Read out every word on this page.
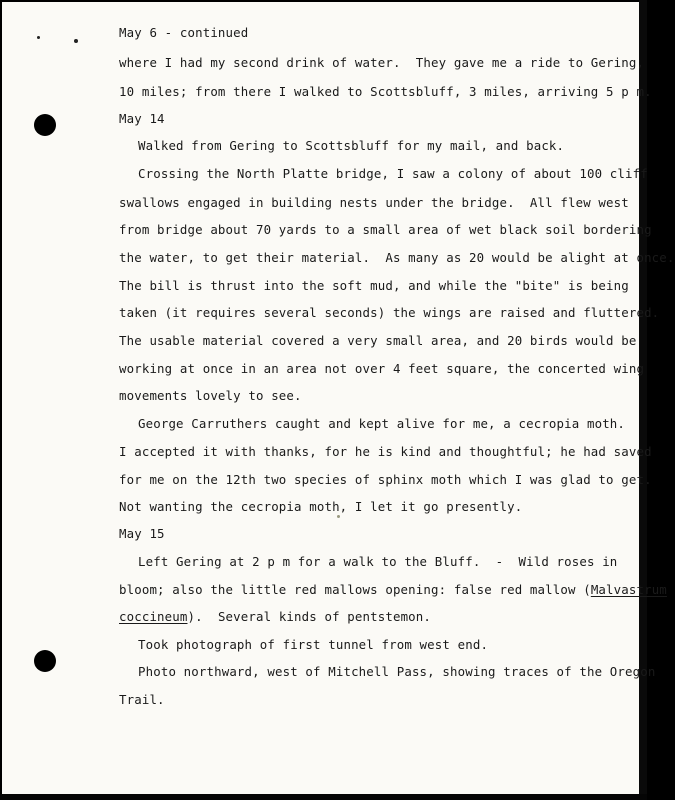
May 6 - continued
where I had my second drink of water.  They gave me a ride to Gering,
10 miles; from there I walked to Scottsbluff, 3 miles, arriving 5 p m.
May 14
Walked from Gering to Scottsbluff for my mail, and back.
Crossing the North Platte bridge, I saw a colony of about 100 cliff
swallows engaged in building nests under the bridge.  All flew west
from bridge about 70 yards to a small area of wet black soil bordering
the water, to get their material.  As many as 20 would be alight at once.
The bill is thrust into the soft mud, and while the "bite" is being
taken (it requires several seconds) the wings are raised and fluttered.
The usable material covered a very small area, and 20 birds would be
working at once in an area not over 4 feet square, the concerted wing
movements lovely to see.
George Carruthers caught and kept alive for me, a cecropia moth.
I accepted it with thanks, for he is kind and thoughtful; he had saved
for me on the 12th two species of sphinx moth which I was glad to get.
Not wanting the cecropia moth, I let it go presently.
May 15
Left Gering at 2 p m for a walk to the Bluff.  -  Wild roses in
bloom; also the little red mallows opening: false red mallow (Malvastrum
coccineum).  Several kinds of pentstemon.
Took photograph of first tunnel from west end.
Photo northward, west of Mitchell Pass, showing traces of the Oregon
Trail.
